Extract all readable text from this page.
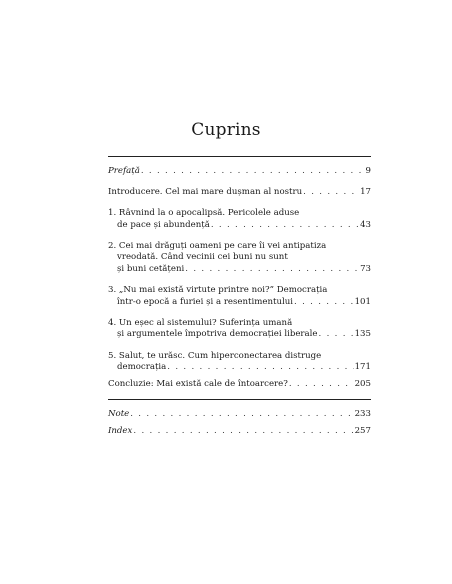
Cuprins
Prefață . . .	9
Introducere. Cel mai mare dușman al nostru . . .	17
1. Râvnind la o apocalipsă. Pericolele aduse
de pace și abundență . . .	43
2. Cei mai drăguți oameni pe care îi vei antipatiza
vreodată. Când vecinii cei buni nu sunt
și buni cetățeni . . .	73
3. „Nu mai există virtute printre noi?” Democrația
într-o epocă a furiei și a resentimentului . . .	101
4. Un eșec al sistemului? Suferința umană
și argumentele împotriva democrației liberale . . .	135
5. Salut, te urăsc. Cum hiperconectarea distruge
democrația . . .	171
Concluzie: Mai există cale de întoarcere? . . .	205
Note . . .	233
Index . . .	257
